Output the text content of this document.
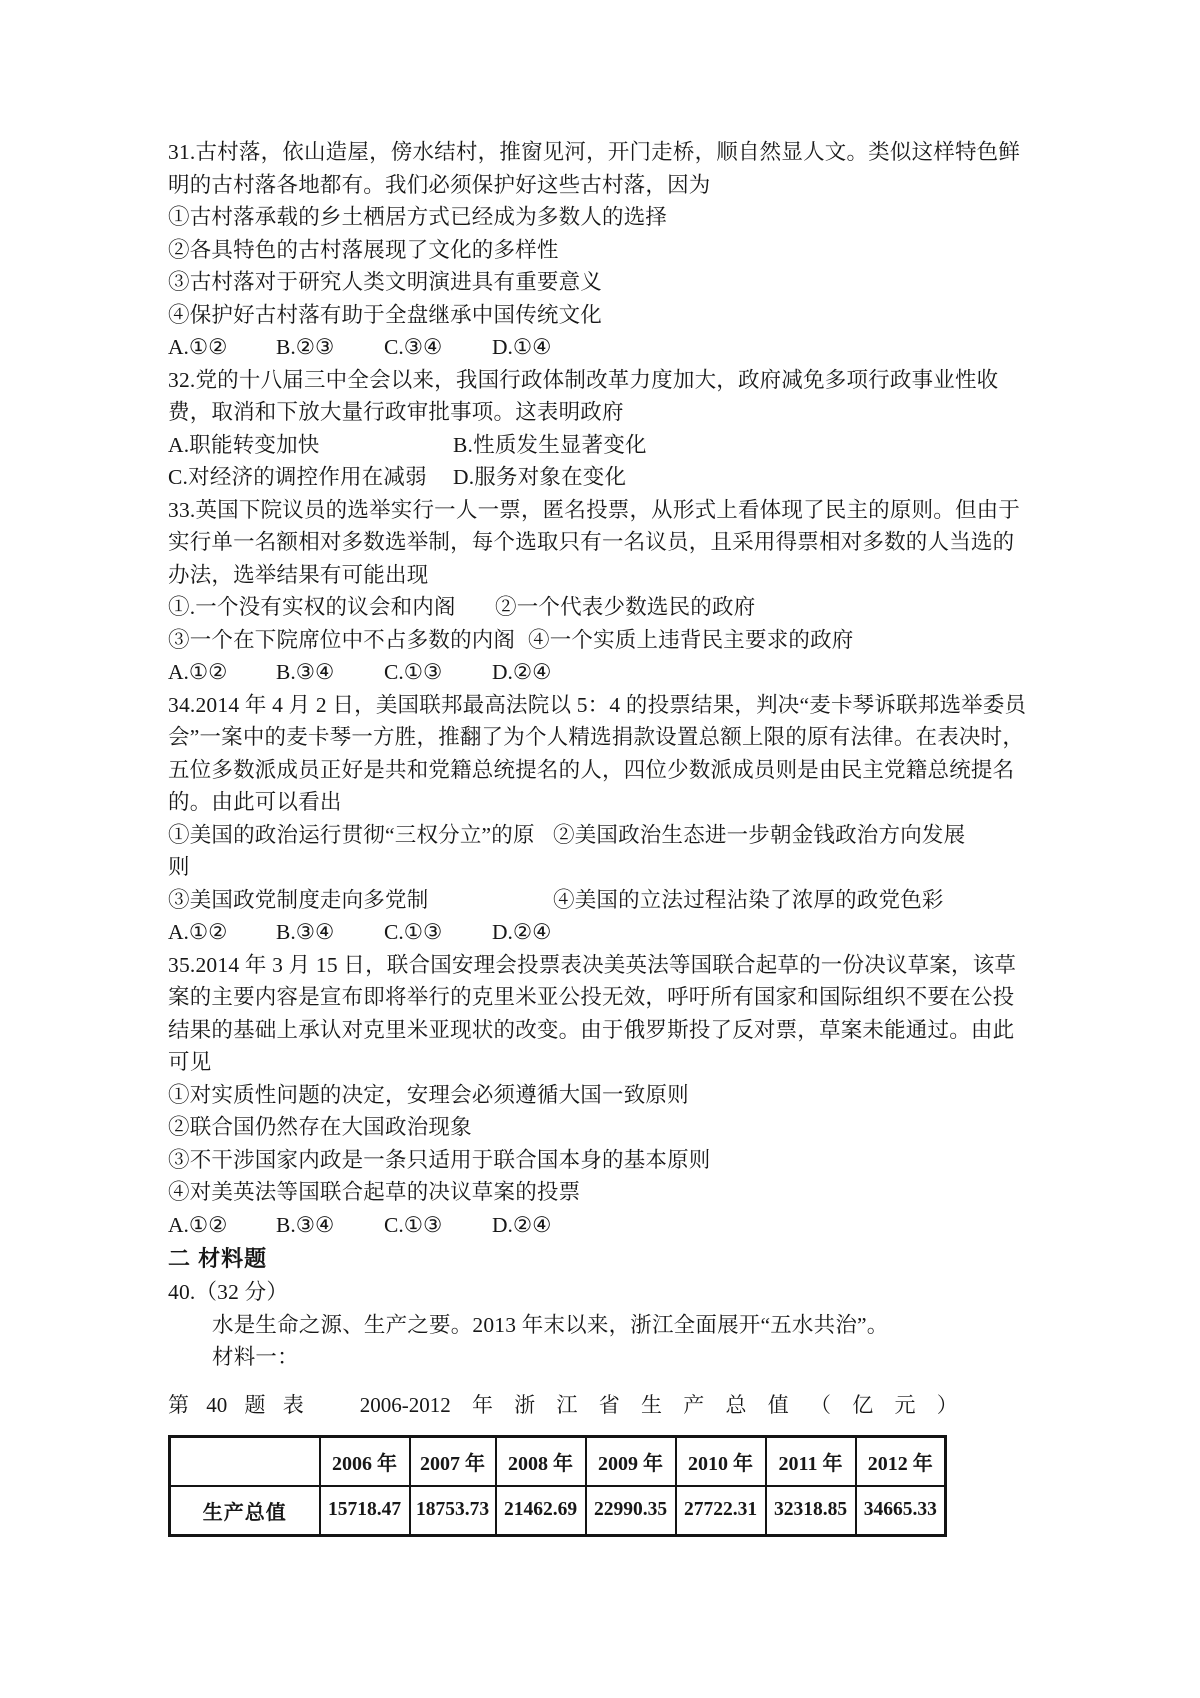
31.古村落，依山造屋，傍水结村，推窗见河，开门走桥，顺自然显人文。类似这样特色鲜

明的古村落各地都有。我们必须保护好这些古村落，因为

①古村落承载的乡土栖居方式已经成为多数人的选择

②各具特色的古村落展现了文化的多样性

③古村落对于研究人类文明演进具有重要意义

④保护好古村落有助于全盘继承中国传统文化

A.①②	B.②③	C.③④	D.①④

32.党的十八届三中全会以来，我国行政体制改革力度加大，政府减免多项行政事业性收

费，取消和下放大量行政审批事项。这表明政府

A.职能转变加快	B.性质发生显著变化
C.对经济的调控作用在减弱	D.服务对象在变化

33.英国下院议员的选举实行一人一票，匿名投票，从形式上看体现了民主的原则。但由于

实行单一名额相对多数选举制，每个选取只有一名议员，且采用得票相对多数的人当选的

办法，选举结果有可能出现

①.一个没有实权的议会和内阁	②一个代表少数选民的政府
③一个在下院席位中不占多数的内阁 ④一个实质上违背民主要求的政府
A.①②	B.③④	C.①③	D.②④

34.2014 年 4 月 2 日，美国联邦最高法院以 5：4 的投票结果，判决“麦卡琴诉联邦选举委员

会”一案中的麦卡琴一方胜，推翻了为个人精选捐款设置总额上限的原有法律。在表决时，

五位多数派成员正好是共和党籍总统提名的人，四位少数派成员则是由民主党籍总统提名

的。由此可以看出

①美国的政治运行贯彻“三权分立”的原则
②美国政治生态进一步朝金钱政治方向发展
③美国政党制度走向多党制	④美国的立法过程沾染了浓厚的政党色彩
A.①②	B.③④	C.①③	D.②④

35.2014 年 3 月 15 日，联合国安理会投票表决美英法等国联合起草的一份决议草案，该草

案的主要内容是宣布即将举行的克里米亚公投无效，呼吁所有国家和国际组织不要在公投

结果的基础上承认对克里米亚现状的改变。由于俄罗斯投了反对票，草案未能通过。由此

可见

①对实质性问题的决定，安理会必须遵循大国一致原则

②联合国仍然存在大国政治现象

③不干涉国家内政是一条只适用于联合国本身的基本原则

④对美英法等国联合起草的决议草案的投票

A.①②	B.③④	C.①③	D.②④
二 材料题

40.（32 分）

水是生命之源、生产之要。2013 年末以来，浙江全面展开“五水共治”。

材料一：

第 40 题 表	2006-2012 年 浙 江 省 生 产 总 值 （ 亿 元 ）
	2006 年	2007 年	2008 年	2009 年	2010 年	2011 年	2012 年
生产总值	15718.47	18753.73	21462.69	22990.35	27722.31	32318.85	34665.33
